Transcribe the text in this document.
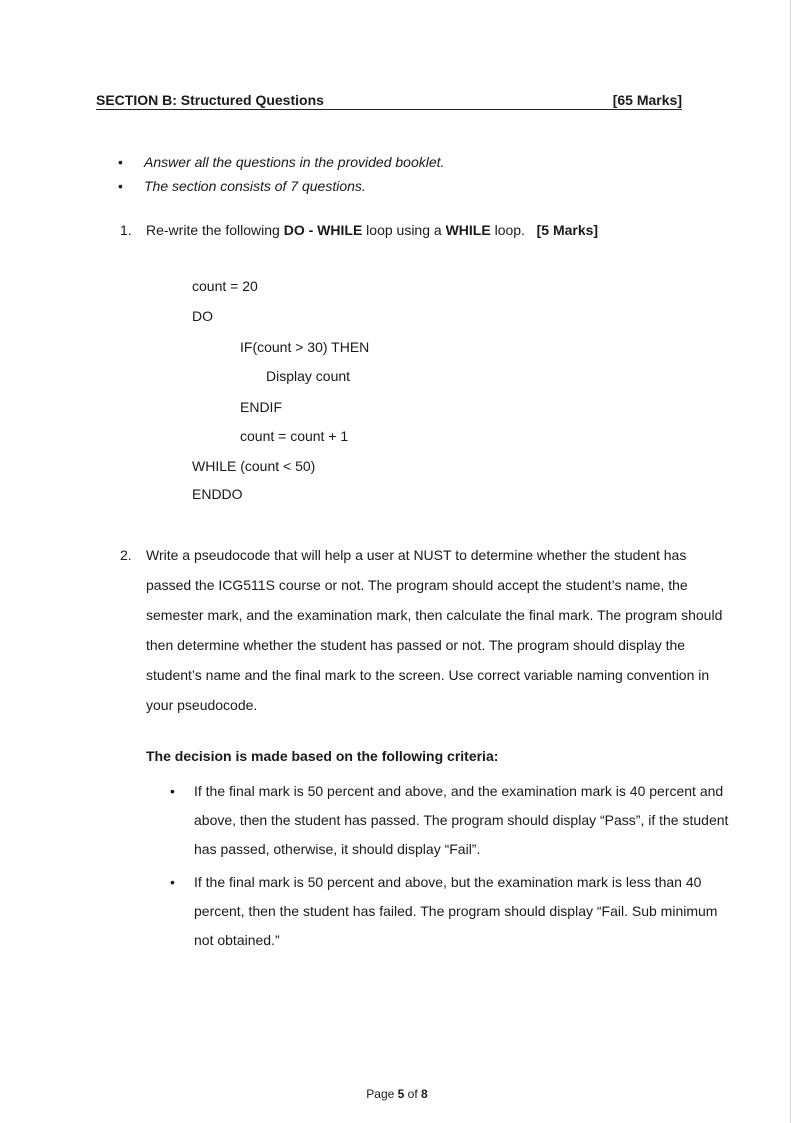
SECTION B: Structured Questions	[65 Marks]
• Answer all the questions in the provided booklet.
• The section consists of 7 questions.
1. Re-write the following DO - WHILE loop using a WHILE loop. [5 Marks]
count = 20
DO
IF(count > 30) THEN
Display count
ENDIF
count = count + 1
WHILE (count < 50)
ENDDO
2. Write a pseudocode that will help a user at NUST to determine whether the student has passed the ICG511S course or not. The program should accept the student’s name, the semester mark, and the examination mark, then calculate the final mark. The program should then determine whether the student has passed or not. The program should display the student’s name and the final mark to the screen. Use correct variable naming convention in your pseudocode.
The decision is made based on the following criteria:
• If the final mark is 50 percent and above, and the examination mark is 40 percent and above, then the student has passed. The program should display “Pass”, if the student has passed, otherwise, it should display “Fail”.
• If the final mark is 50 percent and above, but the examination mark is less than 40 percent, then the student has failed. The program should display “Fail. Sub minimum not obtained.”
Page 5 of 8
